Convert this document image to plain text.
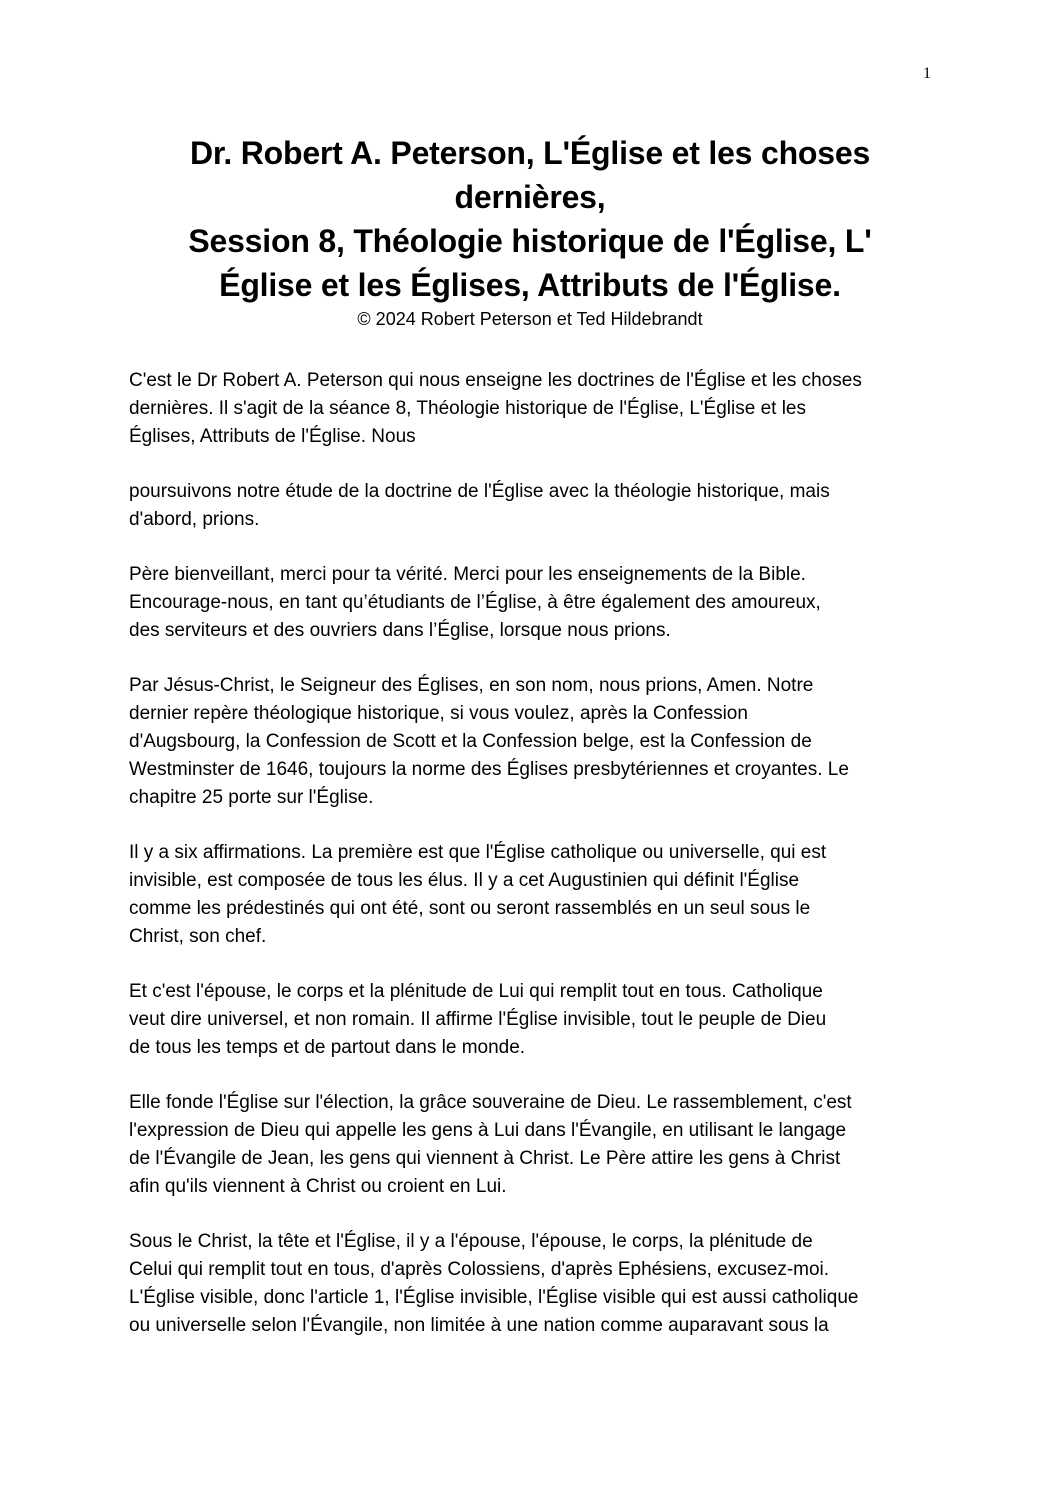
1
Dr. Robert A. Peterson, L'Église et les choses
dernières,
Session 8, Théologie historique de l'Église, L'
Église et les Églises, Attributs de l'Église.
© 2024 Robert Peterson et Ted Hildebrandt
C'est le Dr Robert A. Peterson qui nous enseigne les doctrines de l'Église et les choses
dernières. Il s'agit de la séance 8, Théologie historique de l'Église, L'Église et les
Églises, Attributs de l'Église. Nous
poursuivons notre étude de la doctrine de l'Église avec la théologie historique, mais
d'abord, prions.
Père bienveillant, merci pour ta vérité. Merci pour les enseignements de la Bible.
Encourage-nous, en tant qu’étudiants de l’Église, à être également des amoureux,
des serviteurs et des ouvriers dans l’Église, lorsque nous prions.
Par Jésus-Christ, le Seigneur des Églises, en son nom, nous prions, Amen. Notre
dernier repère théologique historique, si vous voulez, après la Confession
d'Augsbourg, la Confession de Scott et la Confession belge, est la Confession de
Westminster de 1646, toujours la norme des Églises presbytériennes et croyantes. Le
chapitre 25 porte sur l'Église.
Il y a six affirmations. La première est que l'Église catholique ou universelle, qui est
invisible, est composée de tous les élus. Il y a cet Augustinien qui définit l'Église
comme les prédestinés qui ont été, sont ou seront rassemblés en un seul sous le
Christ, son chef.
Et c'est l'épouse, le corps et la plénitude de Lui qui remplit tout en tous. Catholique
veut dire universel, et non romain. Il affirme l'Église invisible, tout le peuple de Dieu
de tous les temps et de partout dans le monde.
Elle fonde l'Église sur l'élection, la grâce souveraine de Dieu. Le rassemblement, c'est
l'expression de Dieu qui appelle les gens à Lui dans l'Évangile, en utilisant le langage
de l'Évangile de Jean, les gens qui viennent à Christ. Le Père attire les gens à Christ
afin qu'ils viennent à Christ ou croient en Lui.
Sous le Christ, la tête et l'Église, il y a l'épouse, l'épouse, le corps, la plénitude de
Celui qui remplit tout en tous, d'après Colossiens, d'après Ephésiens, excusez-moi.
L'Église visible, donc l'article 1, l'Église invisible, l'Église visible qui est aussi catholique
ou universelle selon l'Évangile, non limitée à une nation comme auparavant sous la
